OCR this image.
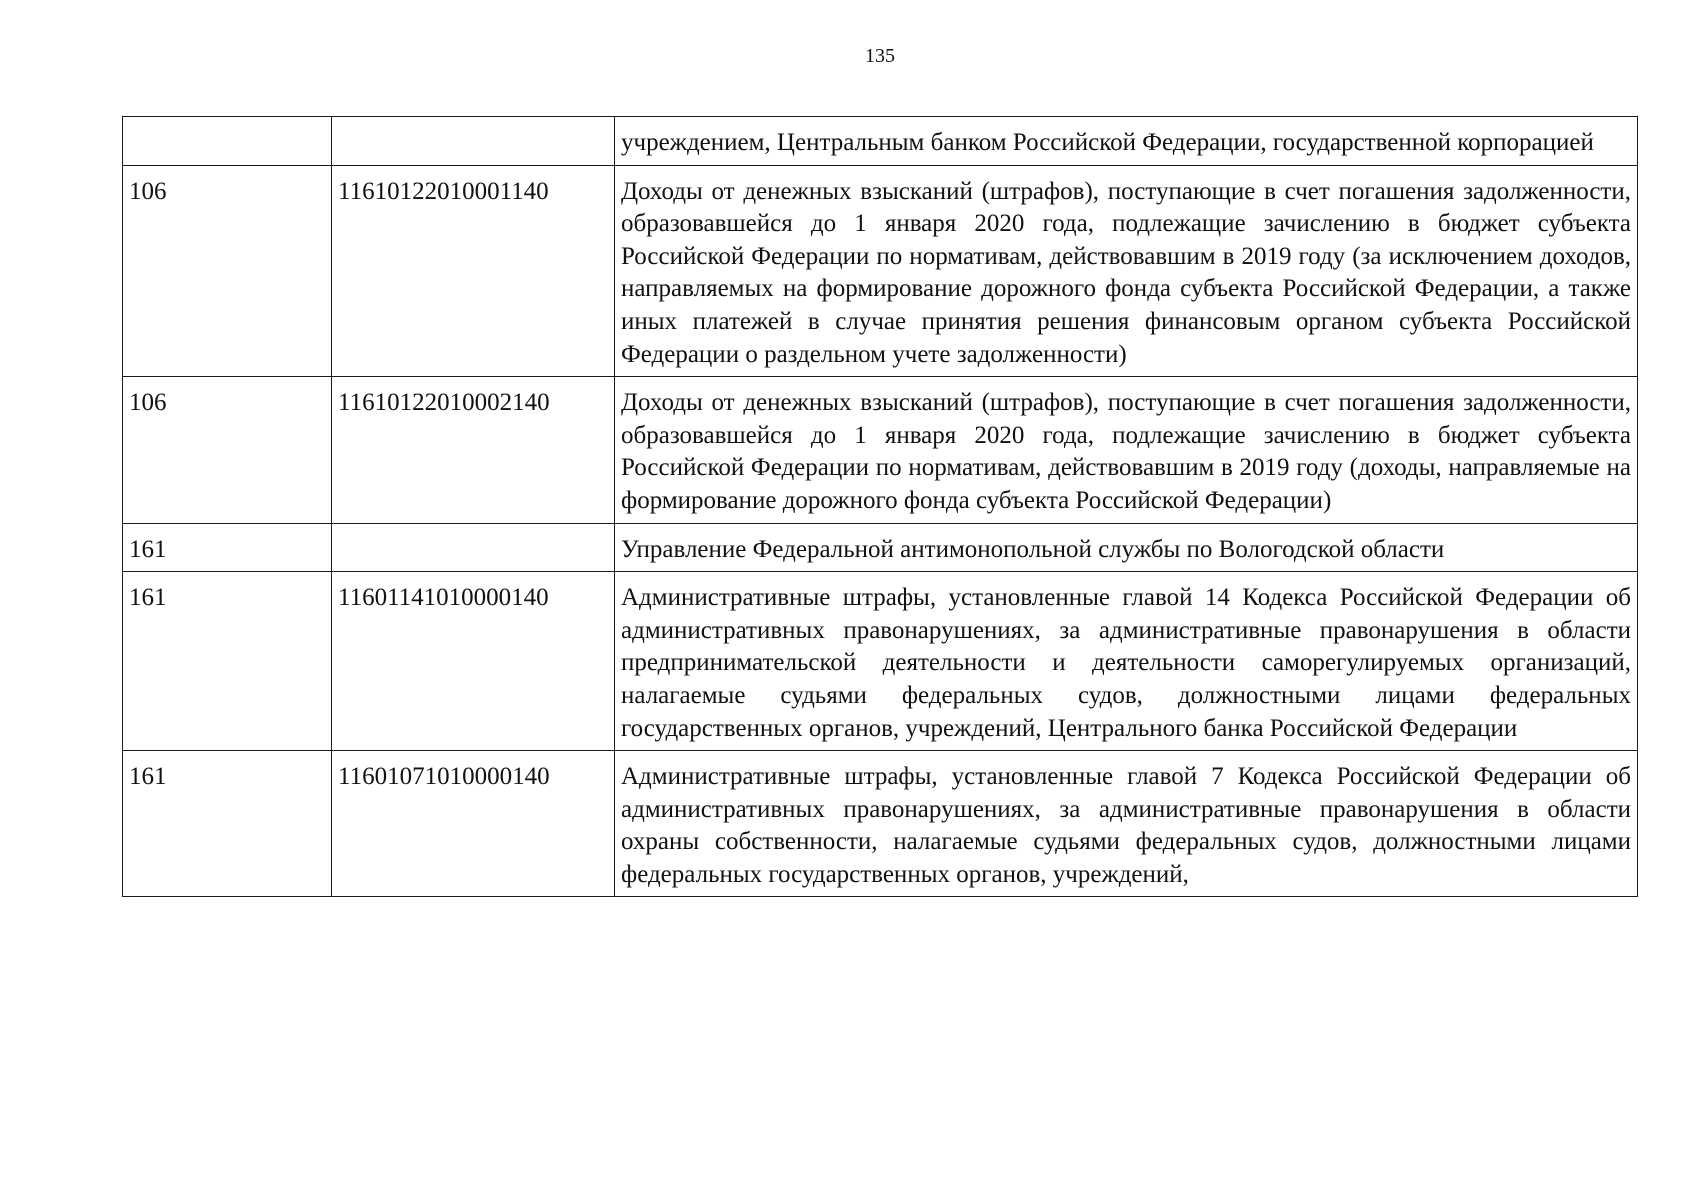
135

		учреждением, Центральным банком Российской Федерации, государственной корпорацией

106	11610122010001140	Доходы от денежных взысканий (штрафов), поступающие в счет погашения задолженности, образовавшейся до 1 января 2020 года, подлежащие зачислению в бюджет субъекта Российской Федерации по нормативам, действовавшим в 2019 году (за исключением доходов, направляемых на формирование дорожного фонда субъекта Российской Федерации, а также иных платежей в случае принятия решения финансовым органом субъекта Российской Федерации о раздельном учете задолженности)

106	11610122010002140	Доходы от денежных взысканий (штрафов), поступающие в счет погашения задолженности, образовавшейся до 1 января 2020 года, подлежащие зачислению в бюджет субъекта Российской Федерации по нормативам, действовавшим в 2019 году (доходы, направляемые на формирование дорожного фонда субъекта Российской Федерации)

161		Управление Федеральной антимонопольной службы по Вологодской области

161	11601141010000140	Административные штрафы, установленные главой 14 Кодекса Российской Федерации об административных правонарушениях, за административные правонарушения в области предпринимательской деятельности и деятельности саморегулируемых организаций, налагаемые судьями федеральных судов, должностными лицами федеральных государственных органов, учреждений, Центрального банка Российской Федерации

161	11601071010000140	Административные штрафы, установленные главой 7 Кодекса Российской Федерации об административных правонарушениях, за административные правонарушения в области охраны собственности, налагаемые судьями федеральных судов, должностными лицами федеральных государственных органов, учреждений,
